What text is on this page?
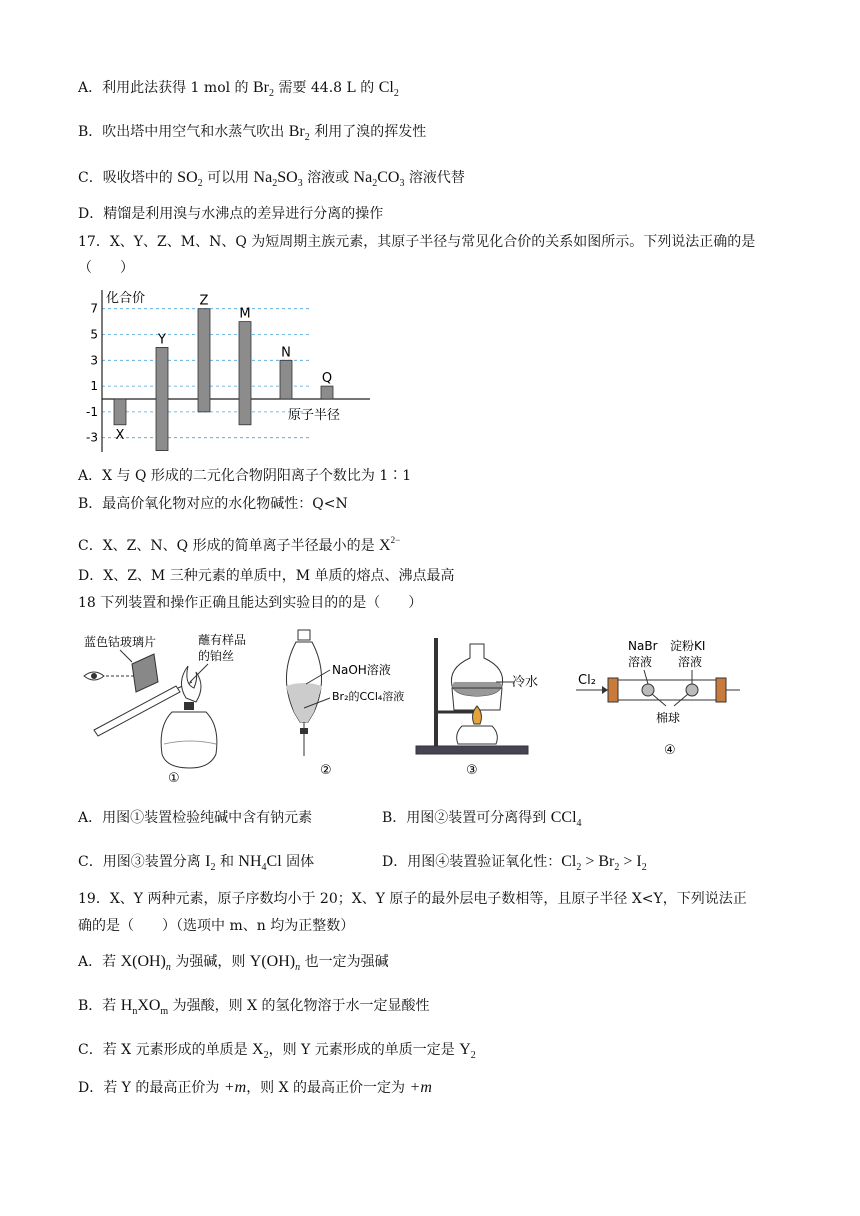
A．利用此法获得 1 mol 的 $Br_2$ 需要 44.8 L 的 $Cl_2$
B．吹出塔中用空气和水蒸气吹出 $Br_2$ 利用了溴的挥发性
C．吸收塔中的 $SO_2$ 可以用 $Na_2SO_3$ 溶液或 $Na_2CO_3$ 溶液代替
D．精馏是利用溴与水沸点的差异进行分离的操作
17．X、Y、Z、M、N、Q 为短周期主族元素，其原子半径与常见化合价的关系如图所示。下列说法正确的是（　　）
7
5
3
1
-1
-3
化合价
原子半径
X
Y
Z
M
N
Q
A．X 与 Q 形成的二元化合物阴阳离子个数比为 1∶1
B．最高价氧化物对应的水化物碱性：Q<N
C．X、Z、N、Q 形成的简单离子半径最小的是 $X^{2-}$
D．X、Z、M 三种元素的单质中，M 单质的熔点、沸点最高
18 下列装置和操作正确且能达到实验目的的是（　　）
蓝色钴玻璃片	蘸有样品
的铂丝
①
NaOH溶液
Br₂的CCl₄溶液
②
冷水
③
NaBr
溶液
淀粉KI
溶液
Cl₂
棉球
④
A．用图①装置检验纯碱中含有钠元素	B．用图②装置可分离得到 CCl$_4$
C．用图③装置分离 $I_2$ 和 $NH_4Cl$ 固体	D．用图④装置验证氧化性：$Cl_2 > Br_2 > I_2$
19．X、Y 两种元素，原子序数均小于 20；X、Y 原子的最外层电子数相等，且原子半径 X<Y，下列说法正
确的是（　　）（选项中 m、n 均为正整数）
A．若 $X(OH)_n$ 为强碱，则 $Y(OH)_n$ 也一定为强碱
B．若 $H_nXO_m$ 为强酸，则 X 的氢化物溶于水一定显酸性
C．若 X 元素形成的单质是 $X_2$，则 Y 元素形成的单质一定是 $Y_2$
D．若 Y 的最高正价为 +m，则 X 的最高正价一定为 +m
